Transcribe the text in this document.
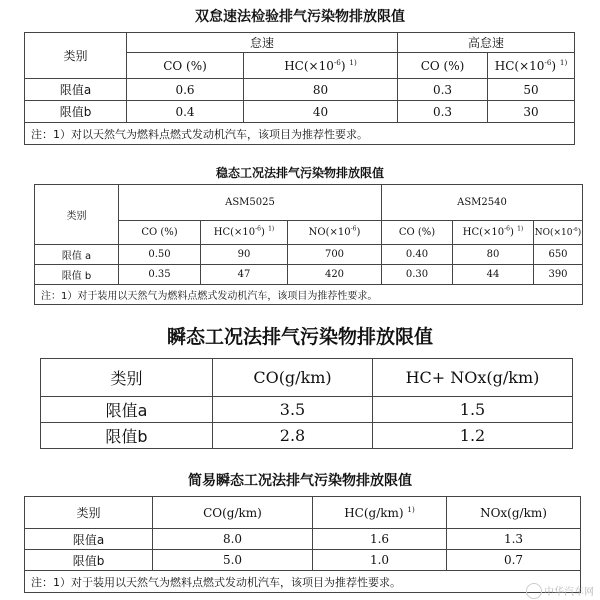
双怠速法检验排气污染物排放限值
类别	怠速		高怠速	
	CO (%)	$HC(\times 10^{-6})$ $^{1)}$	CO (%)	$HC(\times 10^{-6})$ $^{1)}$
限值a	0.6	80	0.3	50
限值b	0.4	40	0.3	30
注：1）对以天然气为燃料点燃式发动机汽车，该项目为推荐性要求。				
稳态工况法排气污染物排放限值
类别	ASM5025			ASM2540		
	CO (%)	$HC(\times 10^{-6})$ $^{1)}$	$NO(\times 10^{-6})$	CO (%)	$HC(\times 10^{-6})$ $^{1)}$	$NO(\times 10^{-6})$
限值 a	0.50	90	700	0.40	80	650
限值 b	0.35	47	420	0.30	44	390
注：1）对于装用以天然气为燃料点燃式发动机汽车，该项目为推荐性要求。						
瞬态工况法排气污染物排放限值
类别	CO(g/km)	HC+ NOx(g/km)
限值a	3.5	1.5
限值b	2.8	1.2
简易瞬态工况法排气污染物排放限值
类别	CO(g/km)	HC(g/km) $^{1)}$	NOx(g/km)
限值a	8.0	1.6	1.3
限值b	5.0	1.0	0.7
注：1）对于装用以天然气为燃料点燃式发动机汽车，该项目为推荐性要求。			
中华汽车网
